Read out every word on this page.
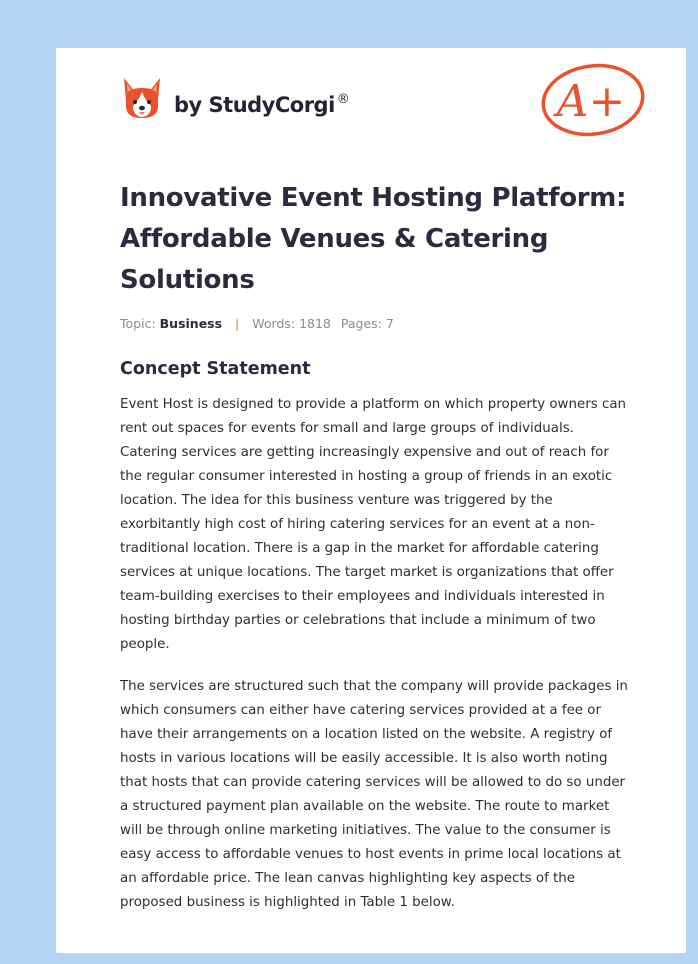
by StudyCorgi ®	A+
Innovative Event Hosting Platform: Affordable Venues & Catering Solutions
Topic: Business | Words: 1818 Pages: 7
Concept Statement

Event Host is designed to provide a platform on which property owners can rent out spaces for events for small and large groups of individuals. Catering services are getting increasingly expensive and out of reach for the regular consumer interested in hosting a group of friends in an exotic location. The idea for this business venture was triggered by the exorbitantly high cost of hiring catering services for an event at a non-traditional location. There is a gap in the market for affordable catering services at unique locations. The target market is organizations that offer team-building exercises to their employees and individuals interested in hosting birthday parties or celebrations that include a minimum of two people.

The services are structured such that the company will provide packages in which consumers can either have catering services provided at a fee or have their arrangements on a location listed on the website. A registry of hosts in various locations will be easily accessible. It is also worth noting that hosts that can provide catering services will be allowed to do so under a structured payment plan available on the website. The route to market will be through online marketing initiatives. The value to the consumer is easy access to affordable venues to host events in prime local locations at an affordable price. The lean canvas highlighting key aspects of the proposed business is highlighted in Table 1 below.
